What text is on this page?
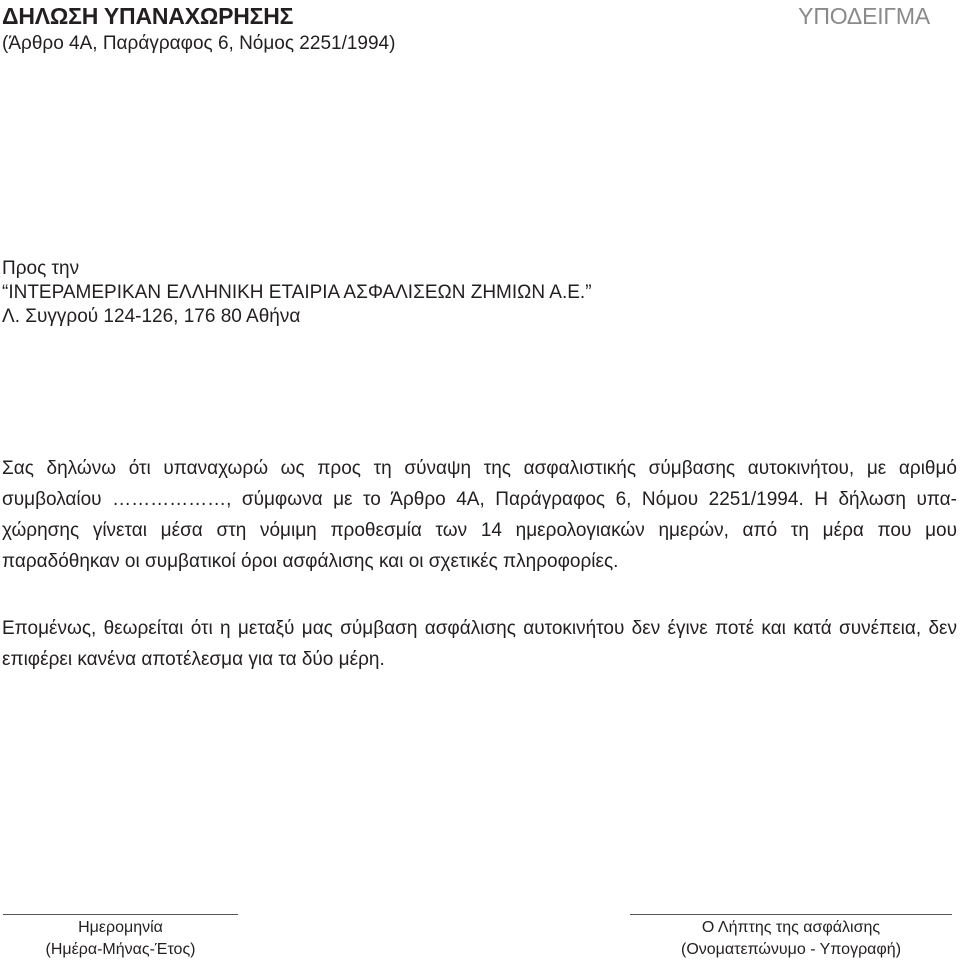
ΔΗΛΩΣΗ ΥΠΑΝΑΧΩΡΗΣΗΣ	ΥΠΟΔΕΙΓΜΑ
(Άρθρο 4Α, Παράγραφος 6, Νόμος 2251/1994)
Προς την
“ΙΝΤΕΡΑΜΕΡΙΚΑΝ ΕΛΛΗΝΙΚΗ ΕΤΑΙΡΙΑ ΑΣΦΑΛΙΣΕΩΝ ΖΗΜΙΩΝ Α.Ε.”
Λ. Συγγρού 124-126, 176 80 Αθήνα

Σας δηλώνω ότι υπαναχωρώ ως προς τη σύναψη της ασφαλιστικής σύμβασης αυτοκινήτου, με αριθμό συμβολαίου ………………, σύμφωνα με το Άρθρο 4Α, Παράγραφος 6, Νόμου 2251/1994. Η δήλωση υπαχώρησης γίνεται μέσα στη νόμιμη προθεσμία των 14 ημερολογιακών ημερών, από τη μέρα που μου παραδόθηκαν οι συμβατικοί όροι ασφάλισης και οι σχετικές πληροφορίες.

Επομένως, θεωρείται ότι η μεταξύ μας σύμβαση ασφάλισης αυτοκινήτου δεν έγινε ποτέ και κατά συνέπεια, δεν επιφέρει κανένα αποτέλεσμα για τα δύο μέρη.

Ημερομηνία
(Ημέρα-Μήνας-Έτος)
Ο Λήπτης της ασφάλισης
(Ονοματεπώνυμο - Υπογραφή)
